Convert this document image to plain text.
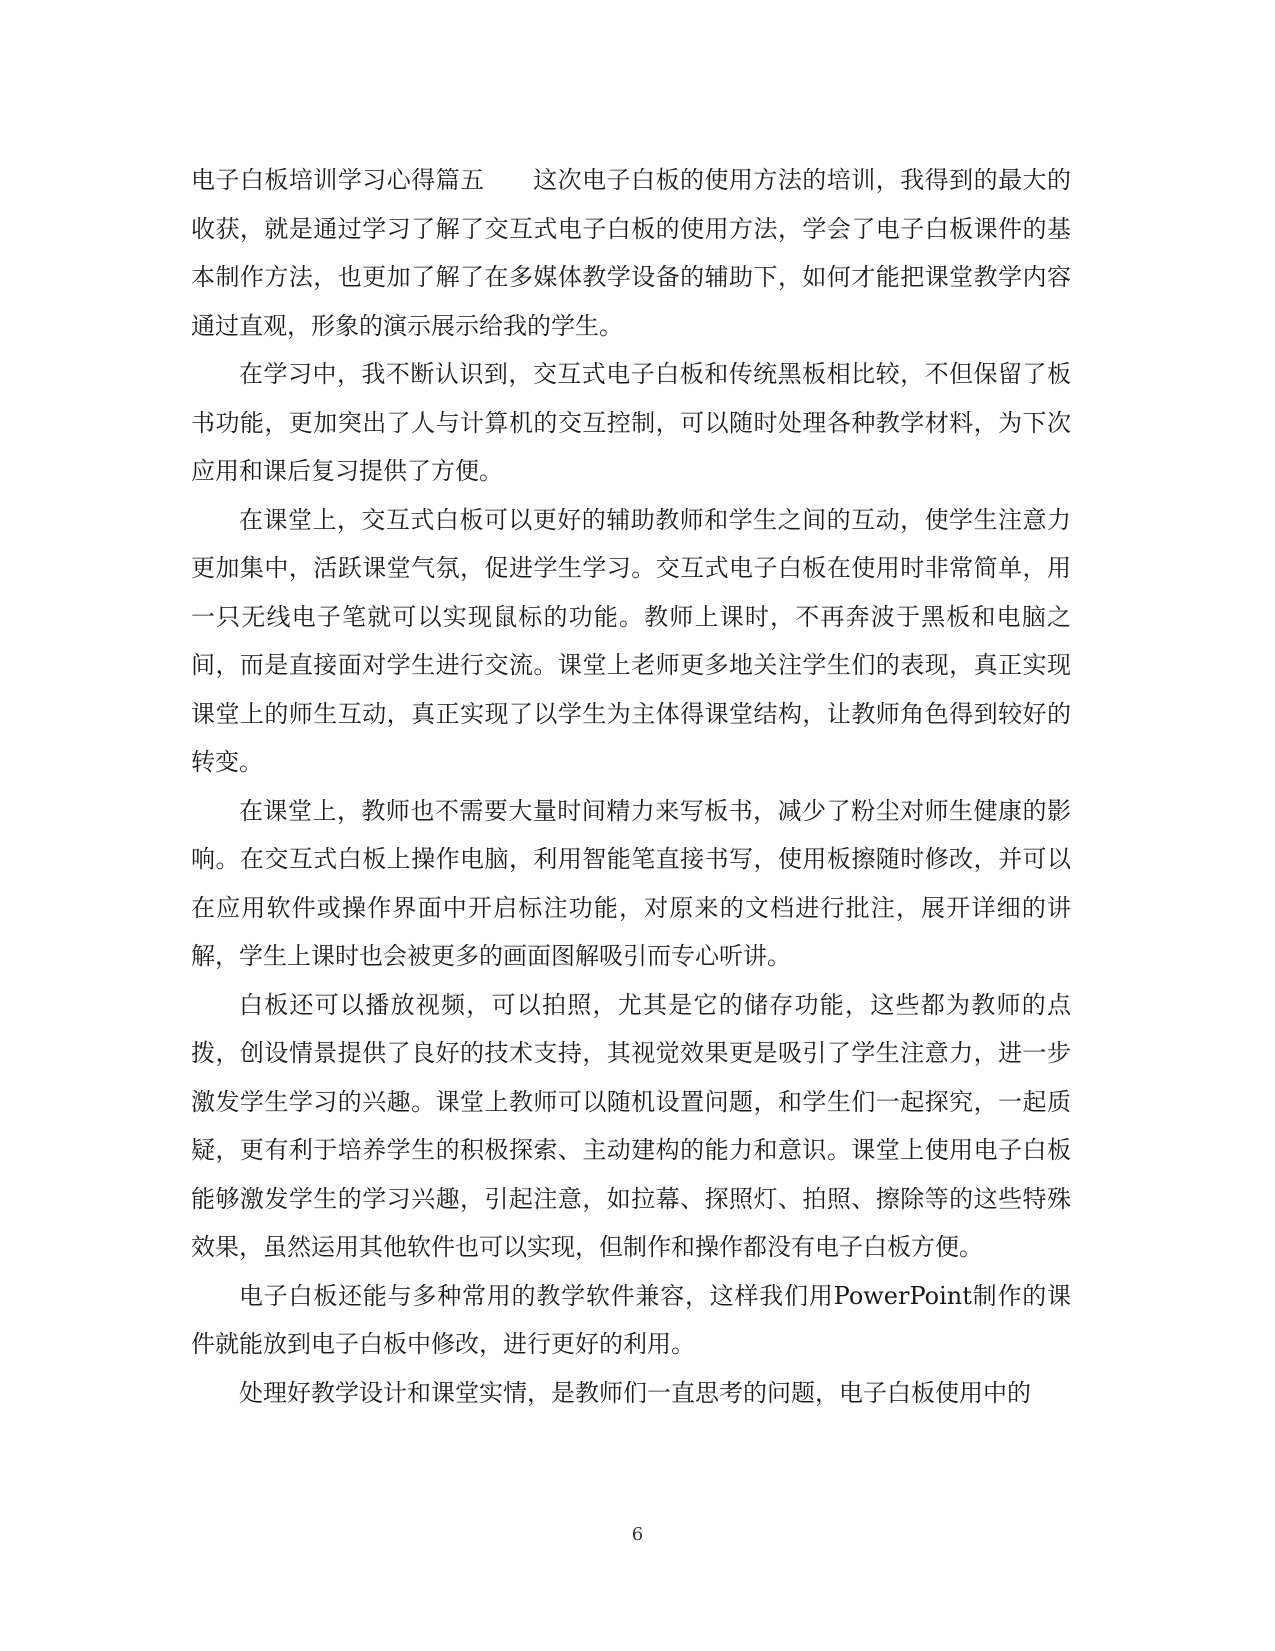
电子白板培训学习心得篇五 这次电子白板的使用方法的培训，我得到的最大的收获，就是通过学习了解了交互式电子白板的使用方法，学会了电子白板课件的基本制作方法，也更加了解了在多媒体教学设备的辅助下，如何才能把课堂教学内容通过直观，形象的演示展示给我的学生。

在学习中，我不断认识到，交互式电子白板和传统黑板相比较，不但保留了板书功能，更加突出了人与计算机的交互控制，可以随时处理各种教学材料，为下次应用和课后复习提供了方便。

在课堂上，交互式白板可以更好的辅助教师和学生之间的互动，使学生注意力更加集中，活跃课堂气氛，促进学生学习。交互式电子白板在使用时非常简单，用一只无线电子笔就可以实现鼠标的功能。教师上课时，不再奔波于黑板和电脑之间，而是直接面对学生进行交流。课堂上老师更多地关注学生们的表现，真正实现课堂上的师生互动，真正实现了以学生为主体得课堂结构，让教师角色得到较好的转变。

在课堂上，教师也不需要大量时间精力来写板书，减少了粉尘对师生健康的影响。在交互式白板上操作电脑，利用智能笔直接书写，使用板擦随时修改，并可以在应用软件或操作界面中开启标注功能，对原来的文档进行批注，展开详细的讲解，学生上课时也会被更多的画面图解吸引而专心听讲。

白板还可以播放视频，可以拍照，尤其是它的储存功能，这些都为教师的点拨，创设情景提供了良好的技术支持，其视觉效果更是吸引了学生注意力，进一步激发学生学习的兴趣。课堂上教师可以随机设置问题，和学生们一起探究，一起质疑，更有利于培养学生的积极探索、主动建构的能力和意识。课堂上使用电子白板能够激发学生的学习兴趣，引起注意，如拉幕、探照灯、拍照、擦除等的这些特殊效果，虽然运用其他软件也可以实现，但制作和操作都没有电子白板方便。

电子白板还能与多种常用的教学软件兼容，这样我们用PowerPoint制作的课件就能放到电子白板中修改，进行更好的利用。

处理好教学设计和课堂实情，是教师们一直思考的问题，电子白板使用中的

6
